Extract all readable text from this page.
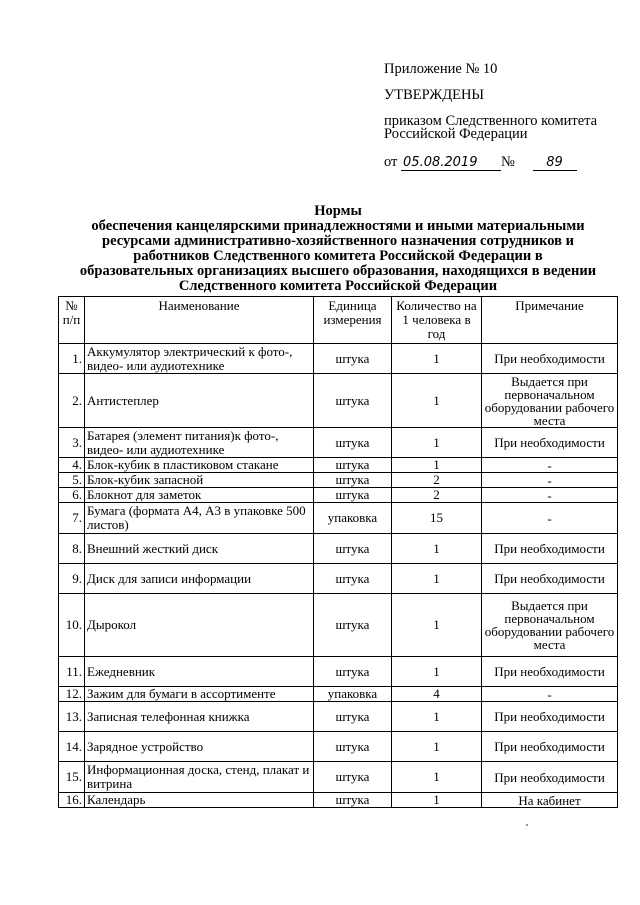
Приложение № 10
УТВЕРЖДЕНЫ
приказом Следственного комитета
Российской Федерации
от 05.08.2019 № 89
Нормы
обеспечения канцелярскими принадлежностями и иными материальными
ресурсами административно-хозяйственного назначения сотрудников и
работников Следственного комитета Российской Федерации в
образовательных организациях высшего образования, находящихся в ведении
Следственного комитета Российской Федерации
№ п/п	Наименование	Единица измерения	Количество на 1 человека в год	Примечание
1.	Аккумулятор электрический к фото-, видео- или аудиотехнике	штука	1	При необходимости
2.	Антистеплер	штука	1	Выдается при первоначальном оборудовании рабочего места
3.	Батарея (элемент питания)к фото-, видео- или аудиотехнике	штука	1	При необходимости
4.	Блок-кубик в пластиковом стакане	штука	1	-
5.	Блок-кубик запасной	штука	2	-
6.	Блокнот для заметок	штука	2	-
7.	Бумага (формата А4, А3 в упаковке 500 листов)	упаковка	15	-
8.	Внешний жесткий диск	штука	1	При необходимости
9.	Диск для записи информации	штука	1	При необходимости
10.	Дырокол	штука	1	Выдается при первоначальном оборудовании рабочего места
11.	Ежедневник	штука	1	При необходимости
12.	Зажим для бумаги в ассортименте	упаковка	4	-
13.	Записная телефонная книжка	штука	1	При необходимости
14.	Зарядное устройство	штука	1	При необходимости
15.	Информационная доска, стенд, плакат и витрина	штука	1	При необходимости
16.	Календарь	штука	1	На кабинет
